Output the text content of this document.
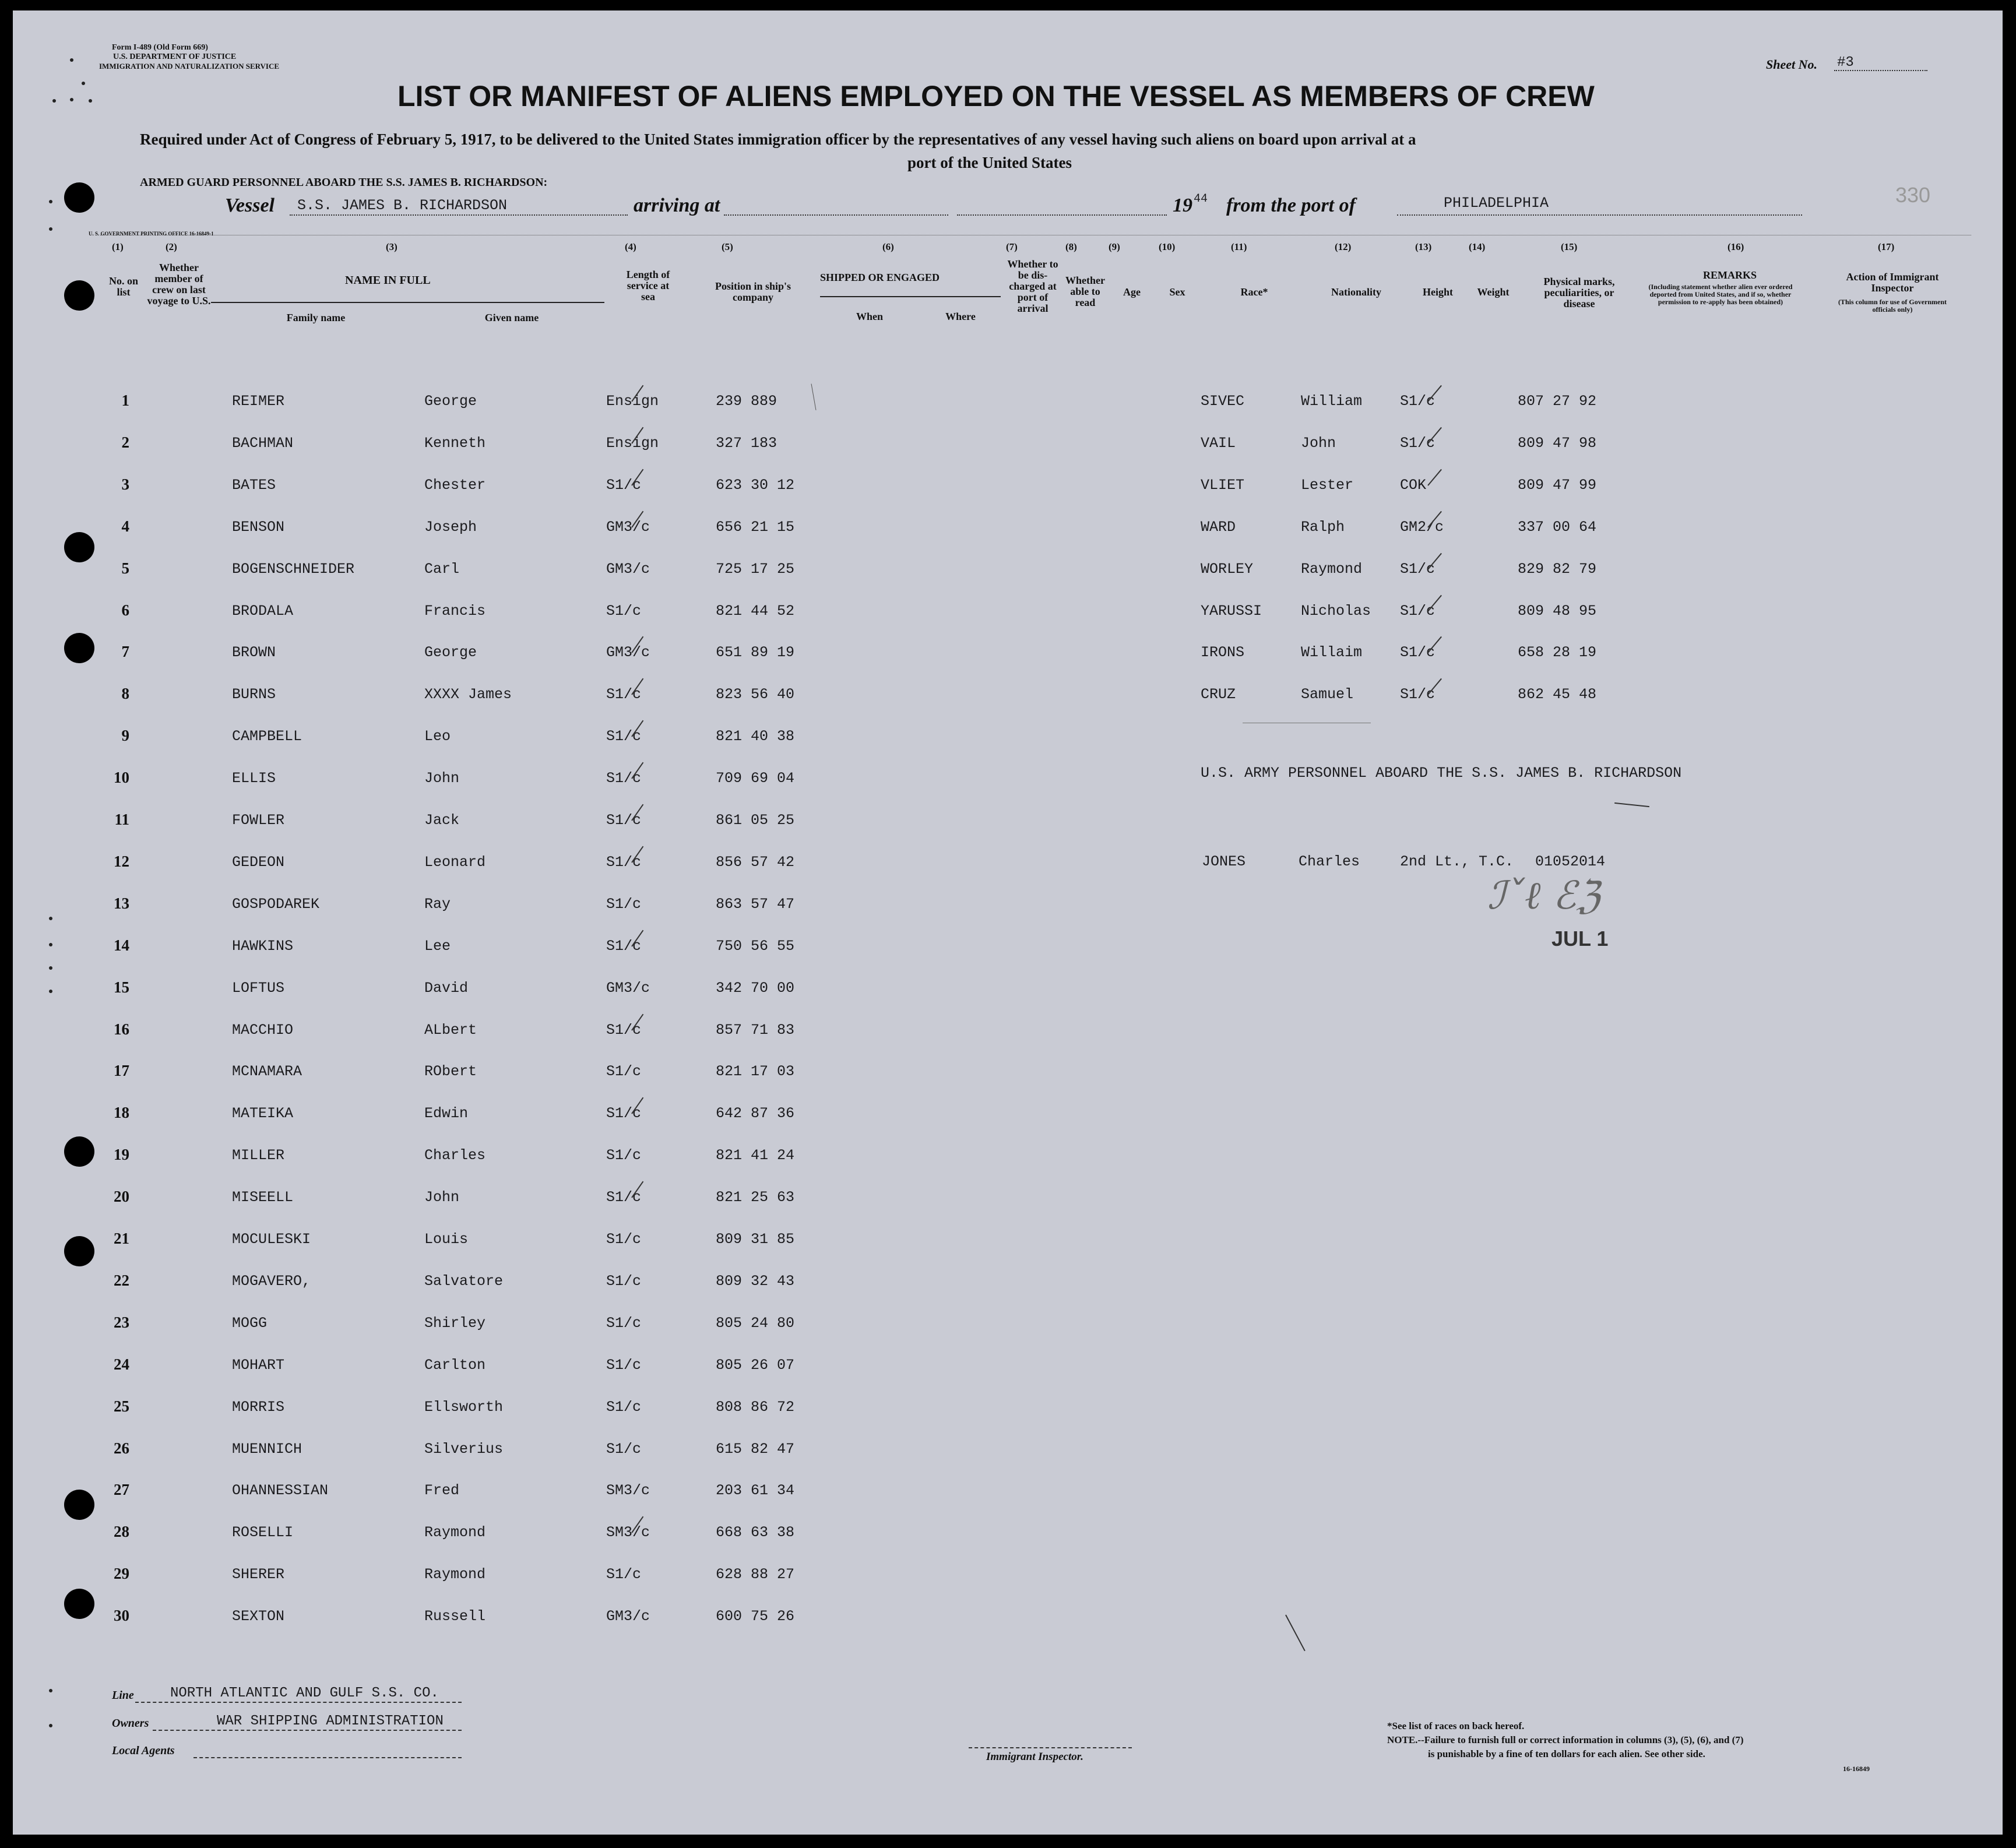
Form I-489 (Old Form 669)
U.S. DEPARTMENT OF JUSTICE
IMMIGRATION AND NATURALIZATION SERVICE	Sheet No. #3
LIST OR MANIFEST OF ALIENS EMPLOYED ON THE VESSEL AS MEMBERS OF CREW
Required under Act of Congress of February 5, 1917, to be delivered to the United States immigration officer by the representatives of any vessel having such aliens on board upon arrival at a
port of the United States
ARMED GUARD PERSONNEL ABOARD THE S.S. JAMES B. RICHARDSON:
Vessel S.S. JAMES B. RICHARDSON	arriving at	19 44 from the port of	PHILADELPHIA	330
U. S. GOVERNMENT PRINTING OFFICE 16-16849-1
(1)	(2)	(3)	(4)	(5)	(6)	(7)	(8)	(9)	(10)	(11)	(12)	(13)	(14)	(15)	(16)	(17)
No. on list
Whether member of crew on last voyage to U.S.
NAME IN FULL
Family name	Given name
Length of service at sea
Position in ship's company
SHIPPED OR ENGAGED
When	Where
Whether to be dis-charged at port of arrival
Whether able to read
Age	Sex	Race*	Nationality	Height	Weight
Physical marks, peculiarities, or disease
REMARKS
(Including statement whether alien ever ordered deported from United States, and if so, whether permission to re-apply has been obtained)
Action of Immigrant Inspector
(This column for use of Government officials only)
1	REIMER	George	Ensign	239 889
2	BACHMAN	Kenneth	Ensign	327 183
3	BATES	Chester	S1/c	623 30 12
4	BENSON	Joseph	GM3/c	656 21 15
5	BOGENSCHNEIDER	Carl	GM3/c	725 17 25
6	BRODALA	Francis	S1/c	821 44 52
7	BROWN	George	GM3/c	651 89 19
8	BURNS	XXXX James	S1/c	823 56 40
9	CAMPBELL	Leo	S1/c	821 40 38
10	ELLIS	John	S1/c	709 69 04
11	FOWLER	Jack	S1/c	861 05 25
12	GEDEON	Leonard	S1/c	856 57 42
13	GOSPODAREK	Ray	S1/c	863 57 47
14	HAWKINS	Lee	S1/c	750 56 55
15	LOFTUS	David	GM3/c	342 70 00
16	MACCHIO	ALbert	S1/c	857 71 83
17	MCNAMARA	RObert	S1/c	821 17 03
18	MATEIKA	Edwin	S1/c	642 87 36
19	MILLER	Charles	S1/c	821 41 24
20	MISEELL	John	S1/c	821 25 63
21	MOCULESKI	Louis	S1/c	809 31 85
22	MOGAVERO,	Salvatore	S1/c	809 32 43
23	MOGG	Shirley	S1/c	805 24 80
24	MOHART	Carlton	S1/c	805 26 07
25	MORRIS	Ellsworth	S1/c	808 86 72
26	MUENNICH	Silverius	S1/c	615 82 47
27	OHANNESSIAN	Fred	SM3/c	203 61 34
28	ROSELLI	Raymond	SM3/c	668 63 38
29	SHERER	Raymond	S1/c	628 88 27
30	SEXTON	Russell	GM3/c	600 75 26
SIVEC	William	S1/c	807 27 92
VAIL	John	S1/c	809 47 98
VLIET	Lester	COK	809 47 99
WARD	Ralph	GM2/c	337 00 64
WORLEY	Raymond	S1/c	829 82 79
YARUSSI	Nicholas S1/c	809 48 95
IRONS	Willaim	S1/c	658 28 19
CRUZ	Samuel	S1/c	862 45 48
U.S. ARMY PERSONNEL ABOARD THE S.S. JAMES B. RICHARDSON
JONES	Charles	2nd Lt., T.C. 01052014
ℐˇℓ ℰℨ
JUL 1
Line	NORTH ATLANTIC AND GULF S.S. CO.
Owners	WAR SHIPPING ADMINISTRATION
Local Agents	Immigrant Inspector.
*See list of races on back hereof.
NOTE.--Failure to furnish full or correct information in columns (3), (5), (6), and (7)
is punishable by a fine of ten dollars for each alien. See other side.
16-16849
